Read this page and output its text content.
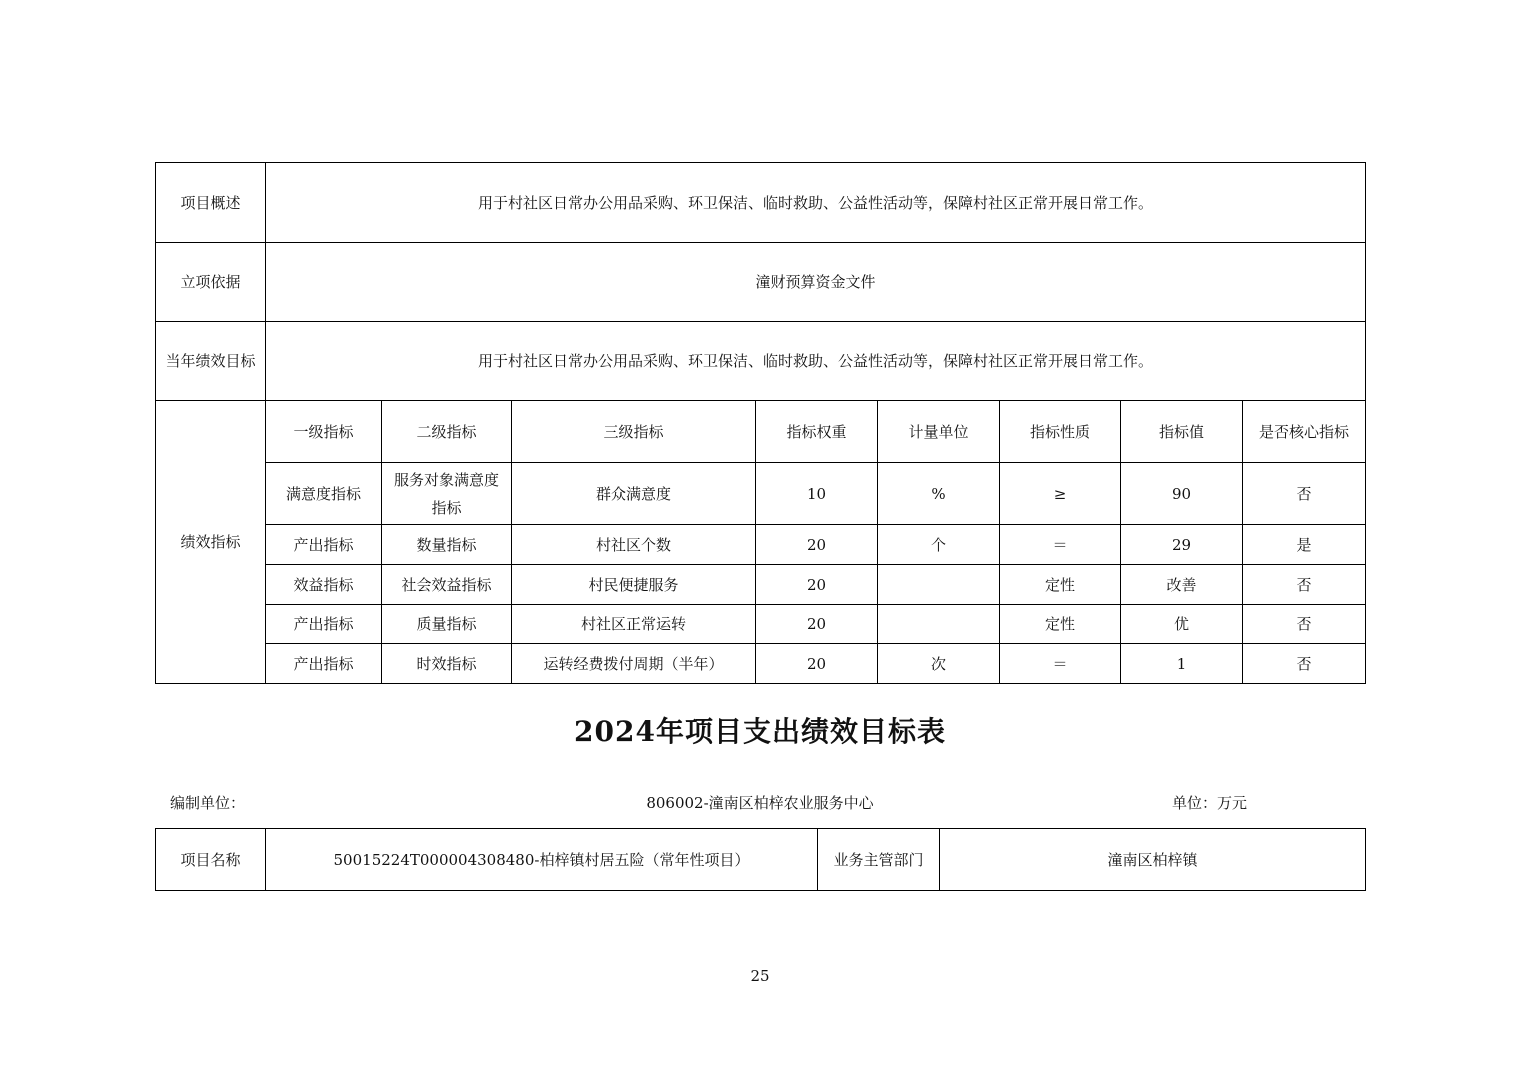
项目概述	用于村社区日常办公用品采购、环卫保洁、临时救助、公益性活动等，保障村社区正常开展日常工作。							
立项依据	潼财预算资金文件							
当年绩效目标	用于村社区日常办公用品采购、环卫保洁、临时救助、公益性活动等，保障村社区正常开展日常工作。							
绩效指标	一级指标	二级指标	三级指标	指标权重	计量单位	指标性质	指标值	是否核心指标
	满意度指标	服务对象满意度指标	群众满意度	10	%	≥	90	否
	产出指标	数量指标	村社区个数	20	个	＝	29	是
	效益指标	社会效益指标	村民便捷服务	20		定性	改善	否
	产出指标	质量指标	村社区正常运转	20		定性	优	否
	产出指标	时效指标	运转经费拨付周期（半年）	20	次	＝	1	否
2024年项目支出绩效目标表
编制单位：	806002-潼南区柏梓农业服务中心	单位：万元
项目名称	50015224T000004308480-柏梓镇村居五险（常年性项目）	业务主管部门	潼南区柏梓镇
25
